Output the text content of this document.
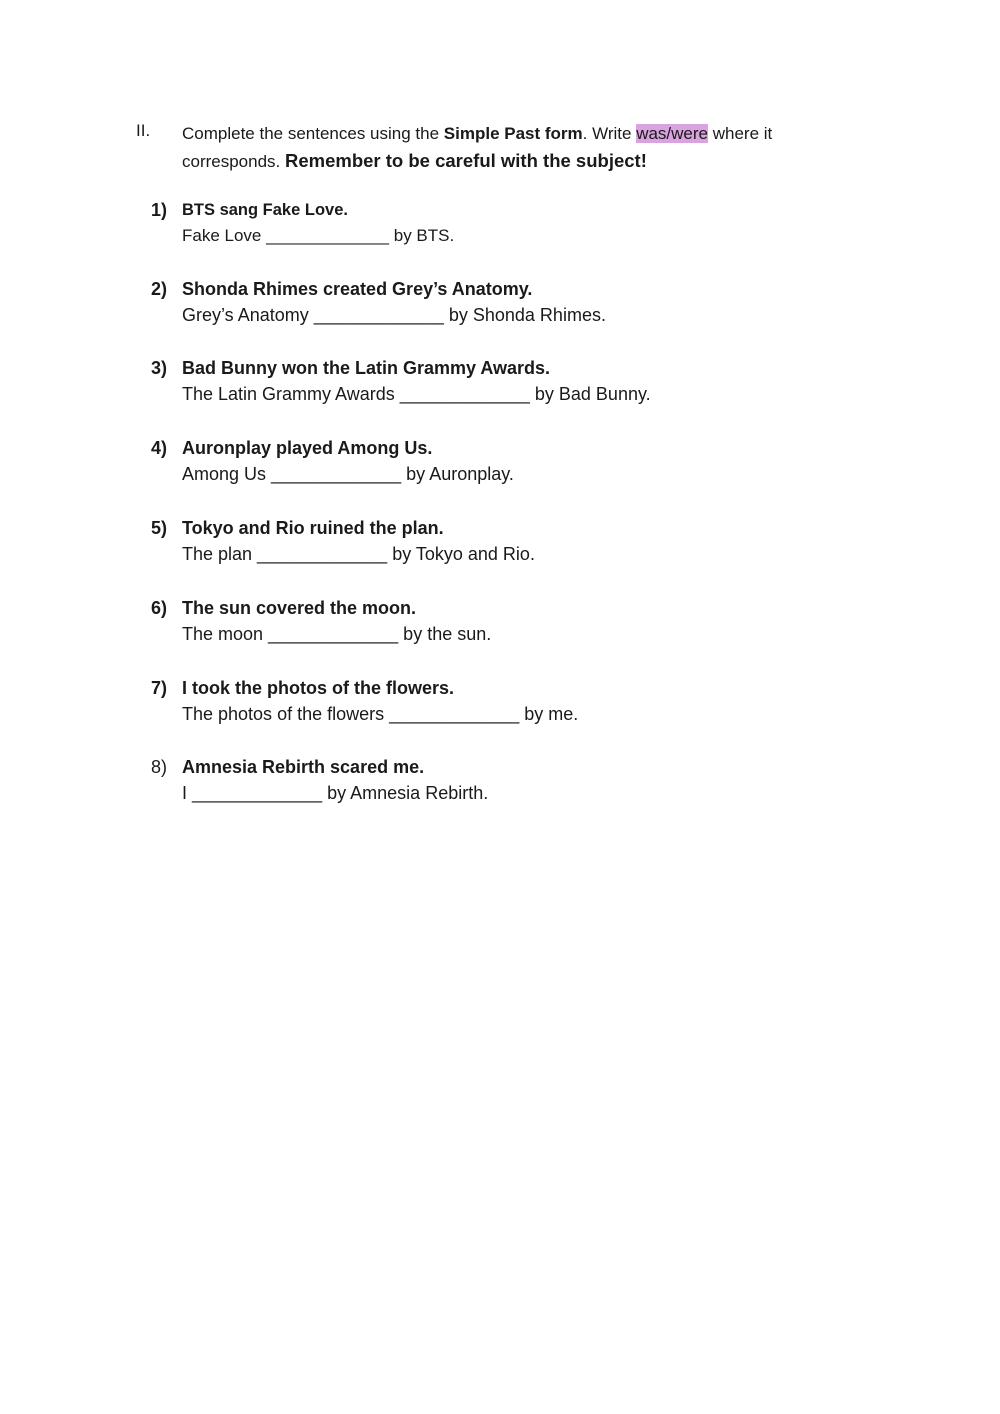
II. Complete the sentences using the Simple Past form. Write was/were where it corresponds. Remember to be careful with the subject!
1) BTS sang Fake Love.
Fake Love _____________ by BTS.
2) Shonda Rhimes created Grey’s Anatomy.
Grey’s Anatomy _____________ by Shonda Rhimes.
3) Bad Bunny won the Latin Grammy Awards.
The Latin Grammy Awards _____________ by Bad Bunny.
4) Auronplay played Among Us.
Among Us _____________ by Auronplay.
5) Tokyo and Rio ruined the plan.
The plan _____________ by Tokyo and Rio.
6) The sun covered the moon.
The moon _____________ by the sun.
7) I took the photos of the flowers.
The photos of the flowers _____________ by me.
8) Amnesia Rebirth scared me.
I _____________ by Amnesia Rebirth.
